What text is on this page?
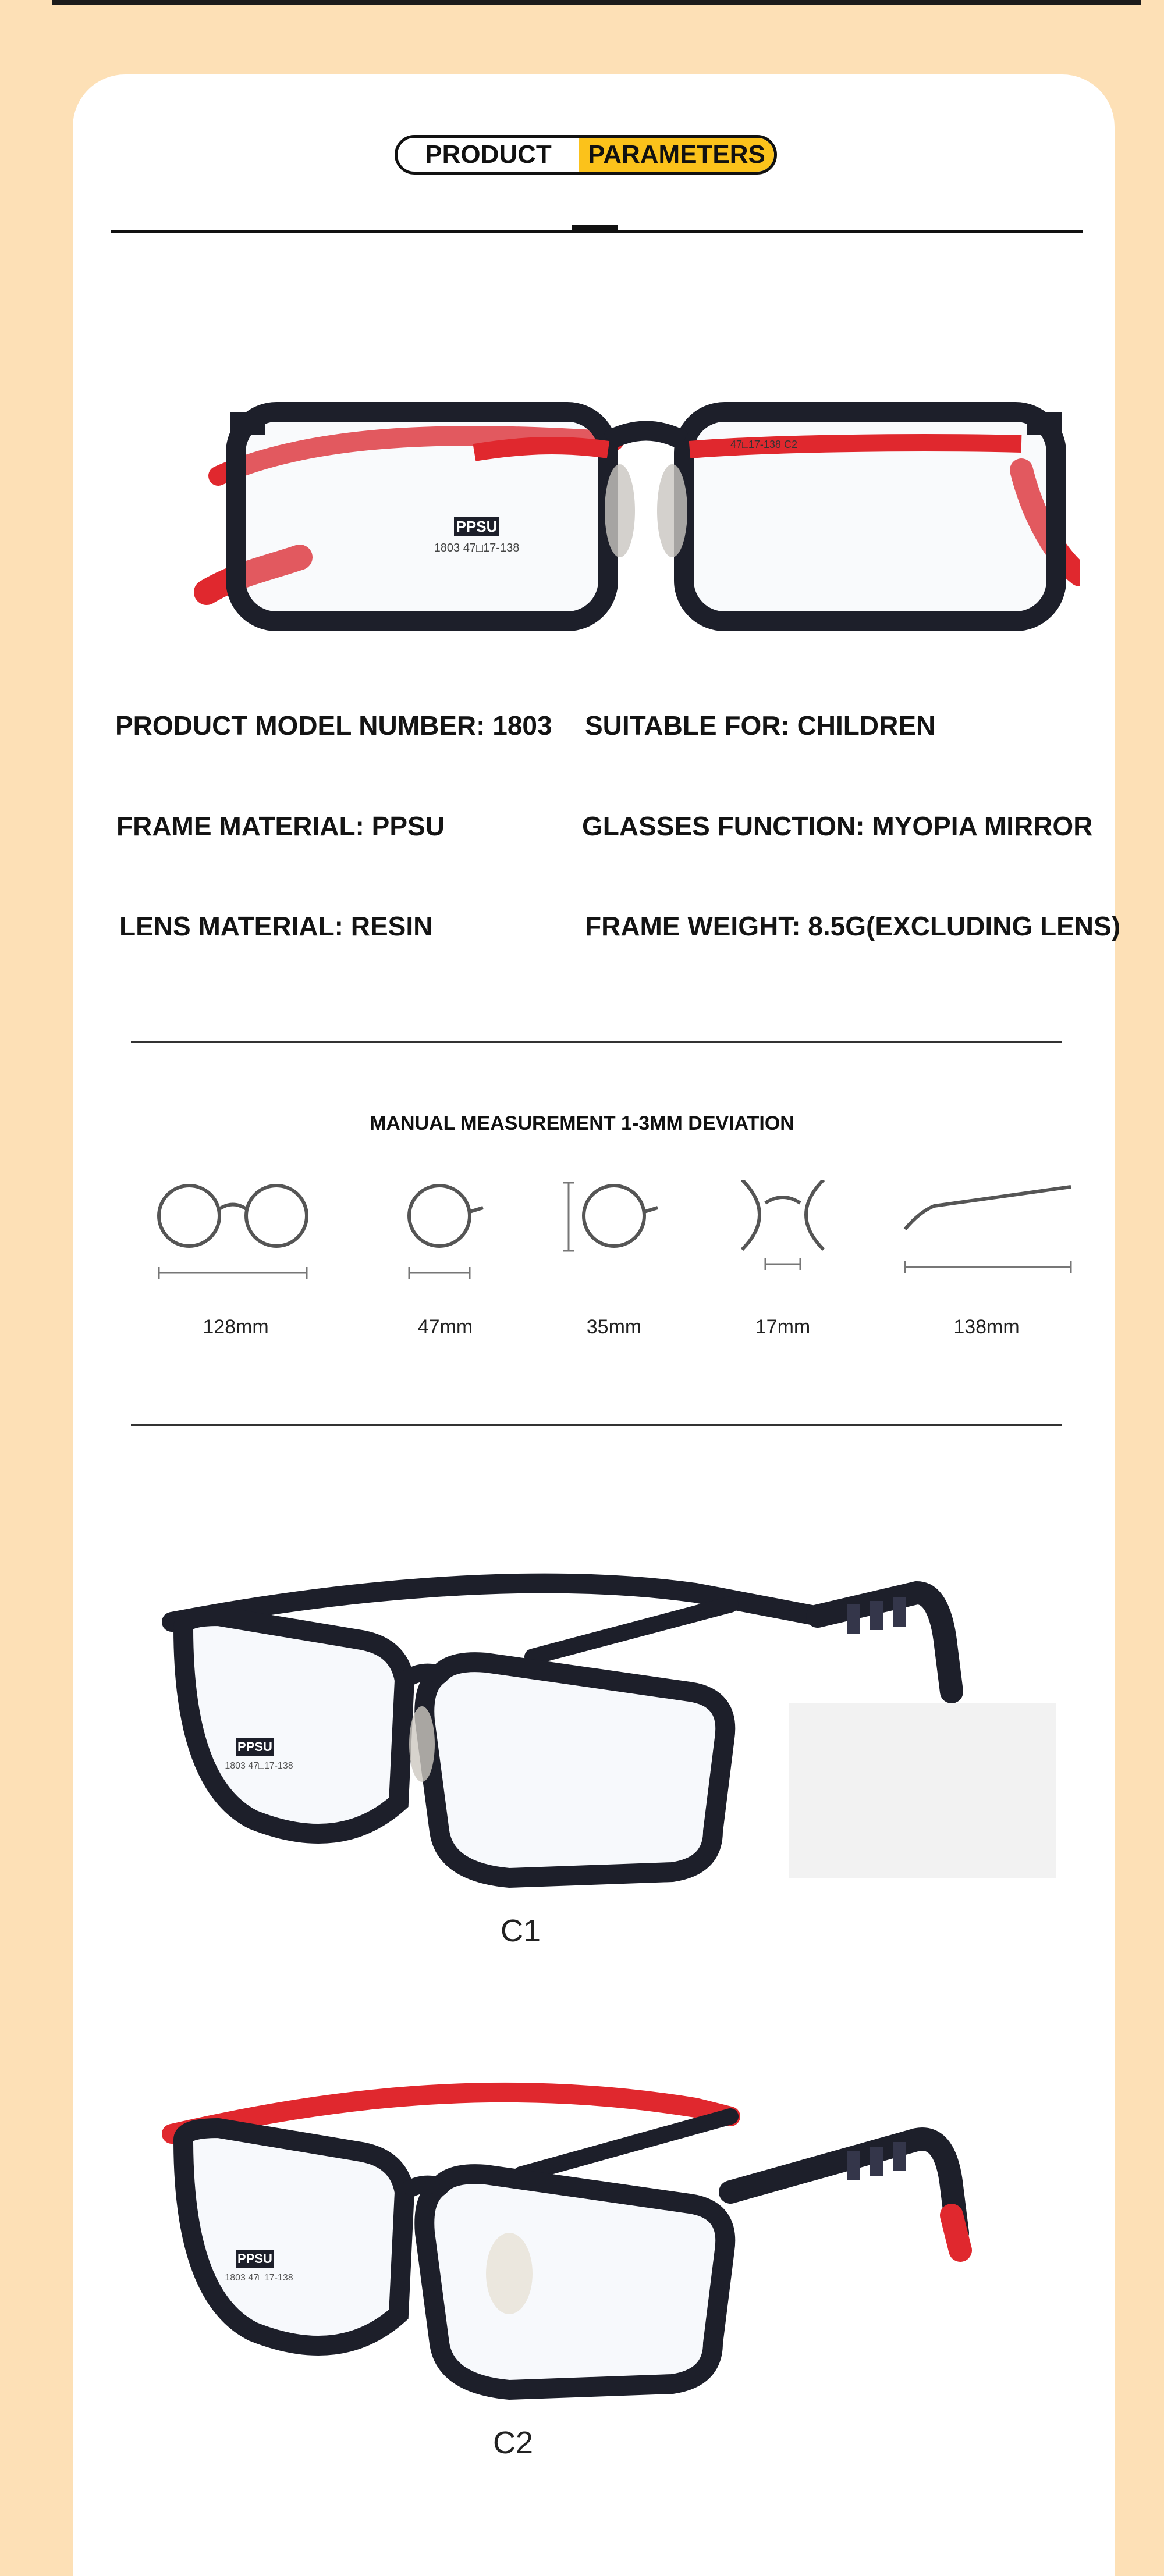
PRODUCT	PARAMETERS
PPSU
1803 47□17-138
47□17-138 C2
PRODUCT MODEL NUMBER: 1803 SUITABLE FOR: CHILDREN
FRAME MATERIAL: PPSU	GLASSES FUNCTION: MYOPIA MIRROR
LENS MATERIAL: RESIN	FRAME WEIGHT: 8.5G(EXCLUDING LENS)
MANUAL MEASUREMENT 1-3MM DEVIATION
128mm	47mm	35mm	17mm	138mm
PPSU
1803 47□17-138
C1
PPSU
1803 47□17-138
C2
